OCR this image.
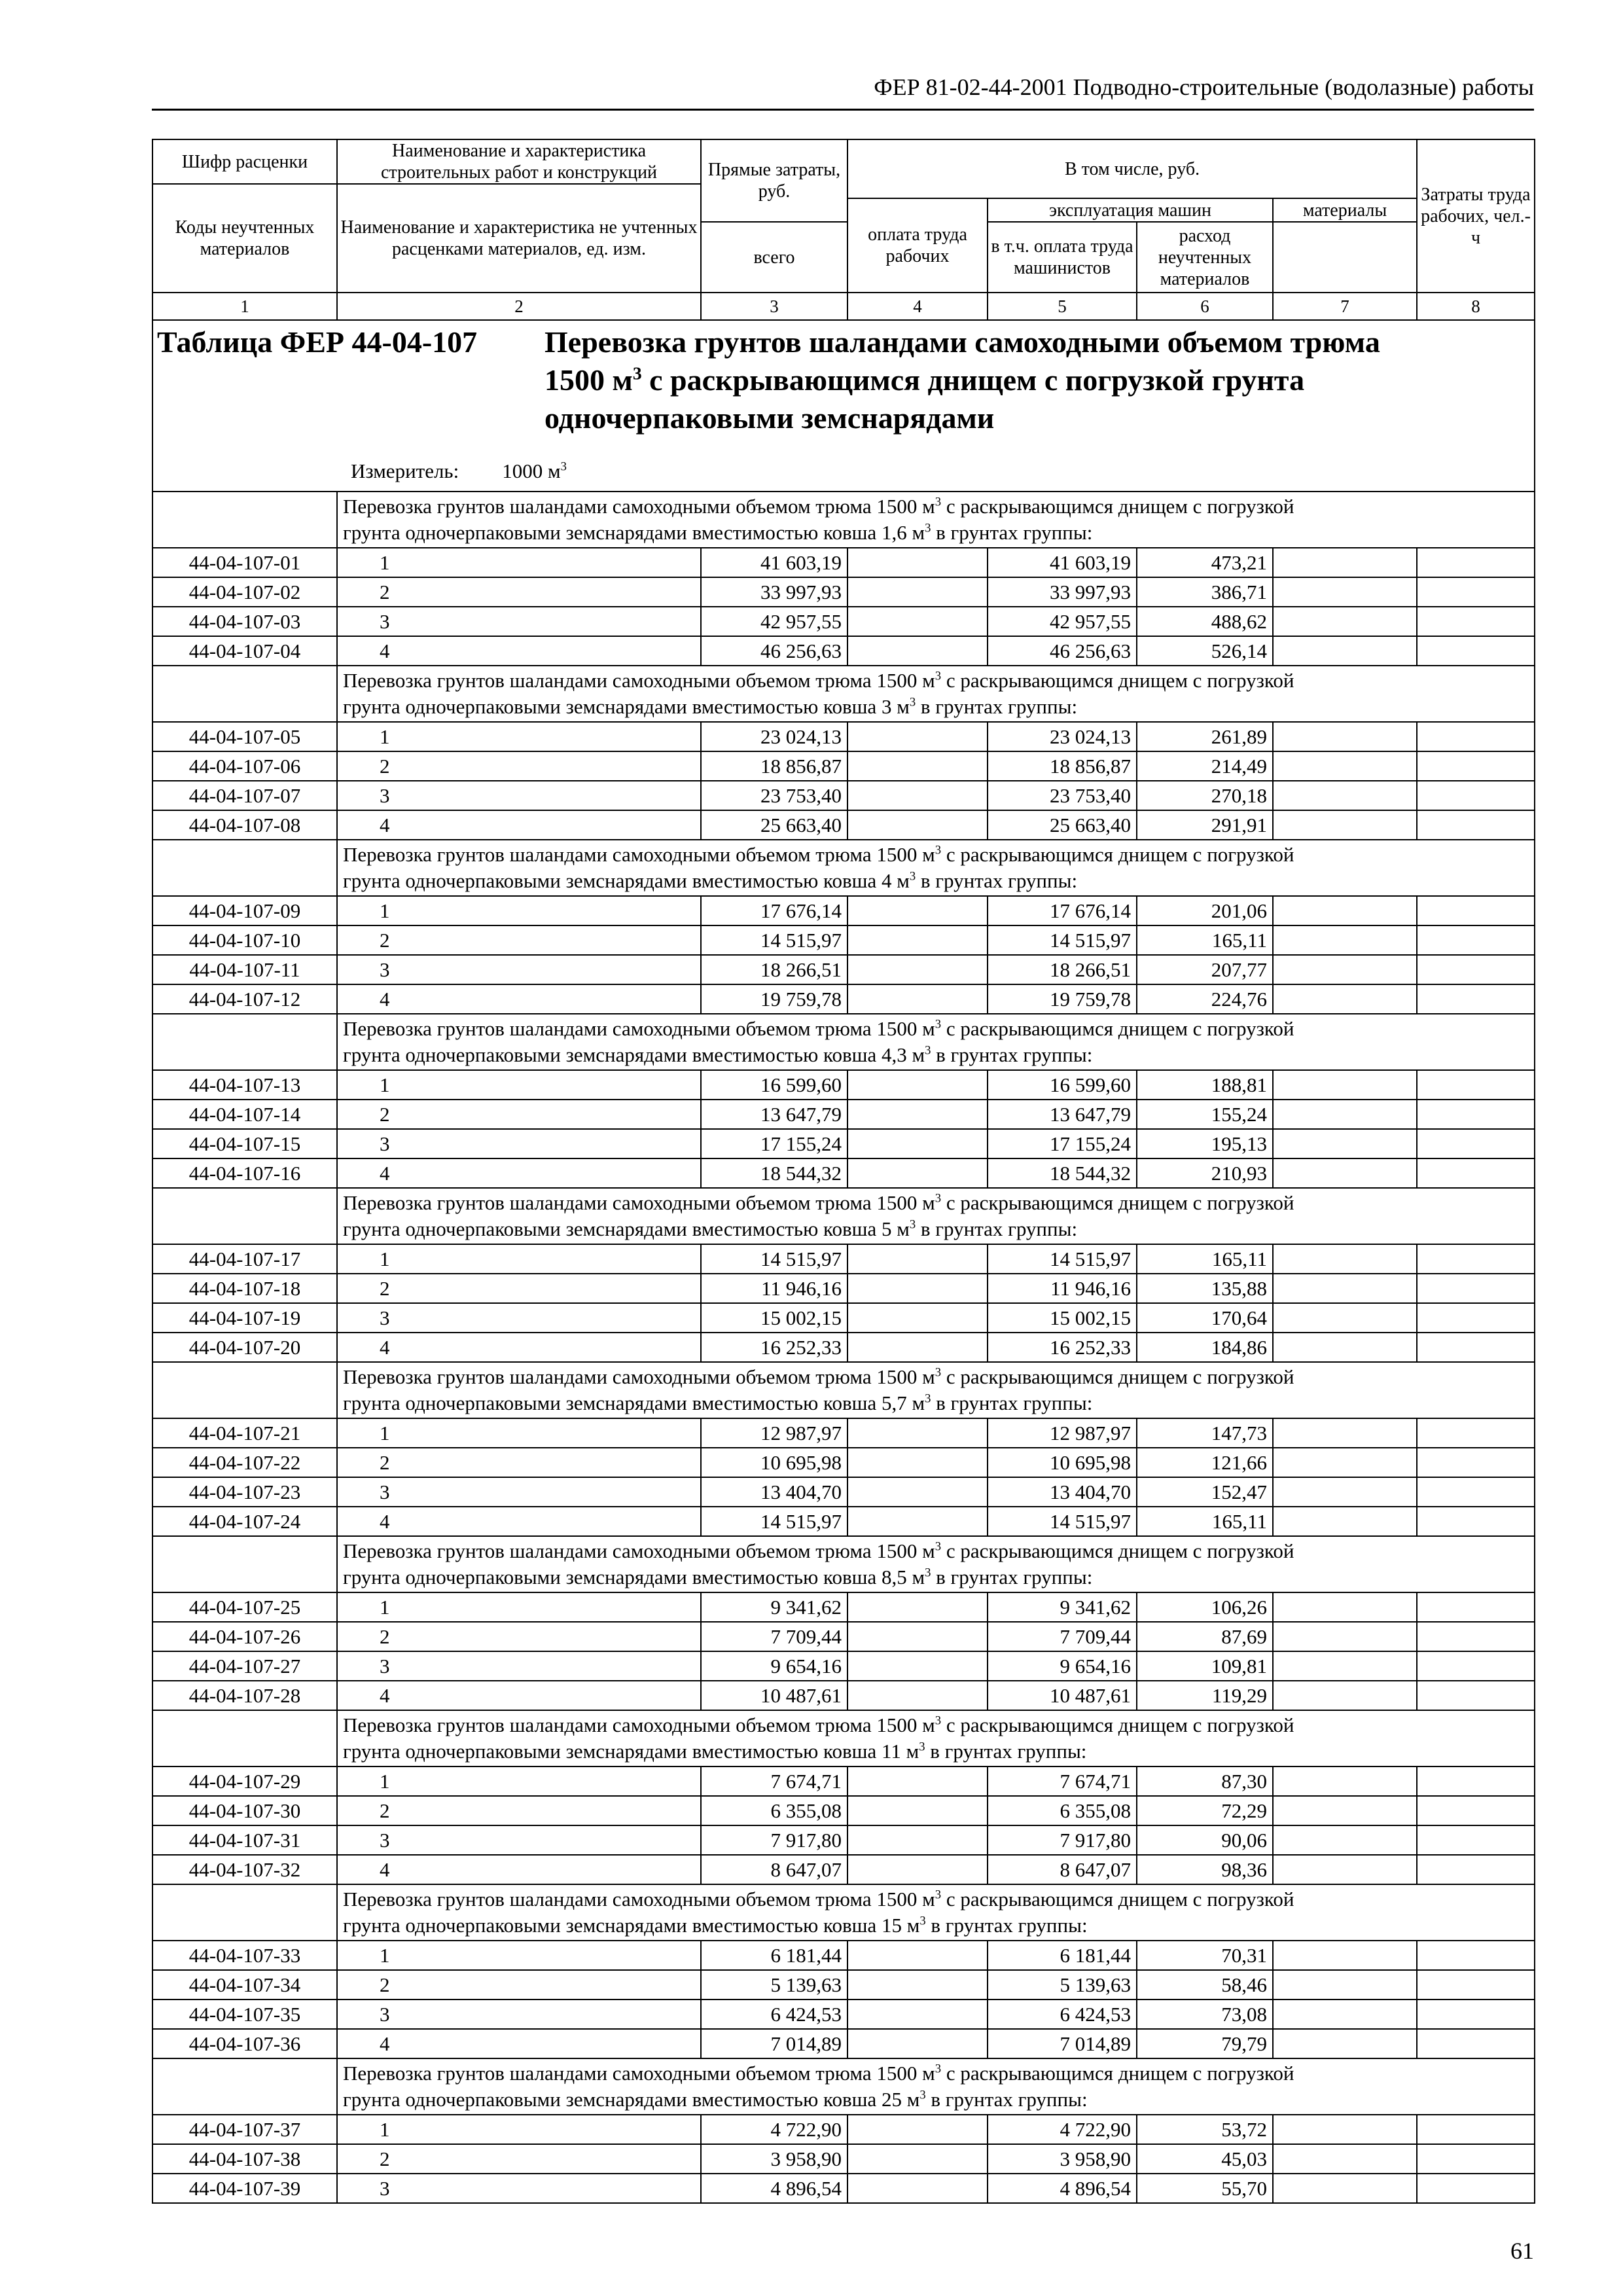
ФЕР 81-02-44-2001 Подводно-строительные (водолазные) работы
Шифр расценки	Наименование и характеристика строительных работ и конструкций	Прямые затраты, руб.	В том числе, руб.				Затраты труда рабочих, чел.-ч
Коды неучтенных материалов	Наименование и характеристика не учтенных расценками материалов, ед. изм.						
			оплата труда рабочих	эксплуатация машин		материалы	
		всего		в т.ч. оплата труда машинистов	расход неучтенных материалов		
1	2	3	4	5	6	7	8

Таблица ФЕР 44-04-107 Перевозка грунтов шаландами самоходными объемом трюма
1500 $м^3$ с раскрывающимся днищем с погрузкой грунта
одночерпаковыми земснарядами
Измеритель: 1000 $м^3$

	Перевозка грунтов шаландами самоходными объемом трюма 1500 $м^3$ с раскрывающимся днищем с погрузкой
грунта одночерпаковыми земснарядами вместимостью ковша 1,6 $м^3$ в грунтах группы:						

44-04-107-01	1	41 603,19		41 603,19	473,21		
44-04-107-02	2	33 997,93		33 997,93	386,71		
44-04-107-03	3	42 957,55		42 957,55	488,62		
44-04-107-04	4	46 256,63		46 256,63	526,14		

	Перевозка грунтов шаландами самоходными объемом трюма 1500 $м^3$ с раскрывающимся днищем с погрузкой
грунта одночерпаковыми земснарядами вместимостью ковша 3 $м^3$ в грунтах группы:						

44-04-107-05	1	23 024,13		23 024,13	261,89		
44-04-107-06	2	18 856,87		18 856,87	214,49		
44-04-107-07	3	23 753,40		23 753,40	270,18		
44-04-107-08	4	25 663,40		25 663,40	291,91		

	Перевозка грунтов шаландами самоходными объемом трюма 1500 $м^3$ с раскрывающимся днищем с погрузкой
грунта одночерпаковыми земснарядами вместимостью ковша 4 $м^3$ в грунтах группы:						

44-04-107-09	1	17 676,14		17 676,14	201,06		
44-04-107-10	2	14 515,97		14 515,97	165,11		
44-04-107-11	3	18 266,51		18 266,51	207,77		
44-04-107-12	4	19 759,78		19 759,78	224,76		

	Перевозка грунтов шаландами самоходными объемом трюма 1500 $м^3$ с раскрывающимся днищем с погрузкой
грунта одночерпаковыми земснарядами вместимостью ковша 4,3 $м^3$ в грунтах группы:						

44-04-107-13	1	16 599,60		16 599,60	188,81		
44-04-107-14	2	13 647,79		13 647,79	155,24		
44-04-107-15	3	17 155,24		17 155,24	195,13		
44-04-107-16	4	18 544,32		18 544,32	210,93		

	Перевозка грунтов шаландами самоходными объемом трюма 1500 $м^3$ с раскрывающимся днищем с погрузкой
грунта одночерпаковыми земснарядами вместимостью ковша 5 $м^3$ в грунтах группы:						

44-04-107-17	1	14 515,97		14 515,97	165,11		
44-04-107-18	2	11 946,16		11 946,16	135,88		
44-04-107-19	3	15 002,15		15 002,15	170,64		
44-04-107-20	4	16 252,33		16 252,33	184,86		

	Перевозка грунтов шаландами самоходными объемом трюма 1500 $м^3$ с раскрывающимся днищем с погрузкой
грунта одночерпаковыми земснарядами вместимостью ковша 5,7 $м^3$ в грунтах группы:						

44-04-107-21	1	12 987,97		12 987,97	147,73		
44-04-107-22	2	10 695,98		10 695,98	121,66		
44-04-107-23	3	13 404,70		13 404,70	152,47		
44-04-107-24	4	14 515,97		14 515,97	165,11		

	Перевозка грунтов шаландами самоходными объемом трюма 1500 $м^3$ с раскрывающимся днищем с погрузкой
грунта одночерпаковыми земснарядами вместимостью ковша 8,5 $м^3$ в грунтах группы:						

44-04-107-25	1	9 341,62		9 341,62	106,26		
44-04-107-26	2	7 709,44		7 709,44	87,69		
44-04-107-27	3	9 654,16		9 654,16	109,81		
44-04-107-28	4	10 487,61		10 487,61	119,29		

	Перевозка грунтов шаландами самоходными объемом трюма 1500 $м^3$ с раскрывающимся днищем с погрузкой
грунта одночерпаковыми земснарядами вместимостью ковша 11 $м^3$ в грунтах группы:						

44-04-107-29	1	7 674,71		7 674,71	87,30		
44-04-107-30	2	6 355,08		6 355,08	72,29		
44-04-107-31	3	7 917,80		7 917,80	90,06		
44-04-107-32	4	8 647,07		8 647,07	98,36		

	Перевозка грунтов шаландами самоходными объемом трюма 1500 $м^3$ с раскрывающимся днищем с погрузкой
грунта одночерпаковыми земснарядами вместимостью ковша 15 $м^3$ в грунтах группы:						

44-04-107-33	1	6 181,44		6 181,44	70,31		
44-04-107-34	2	5 139,63		5 139,63	58,46		
44-04-107-35	3	6 424,53		6 424,53	73,08		
44-04-107-36	4	7 014,89		7 014,89	79,79		

	Перевозка грунтов шаландами самоходными объемом трюма 1500 $м^3$ с раскрывающимся днищем с погрузкой
грунта одночерпаковыми земснарядами вместимостью ковша 25 $м^3$ в грунтах группы:						

44-04-107-37	1	4 722,90		4 722,90	53,72		
44-04-107-38	2	3 958,90		3 958,90	45,03		
44-04-107-39	3	4 896,54		4 896,54	55,70		
61
